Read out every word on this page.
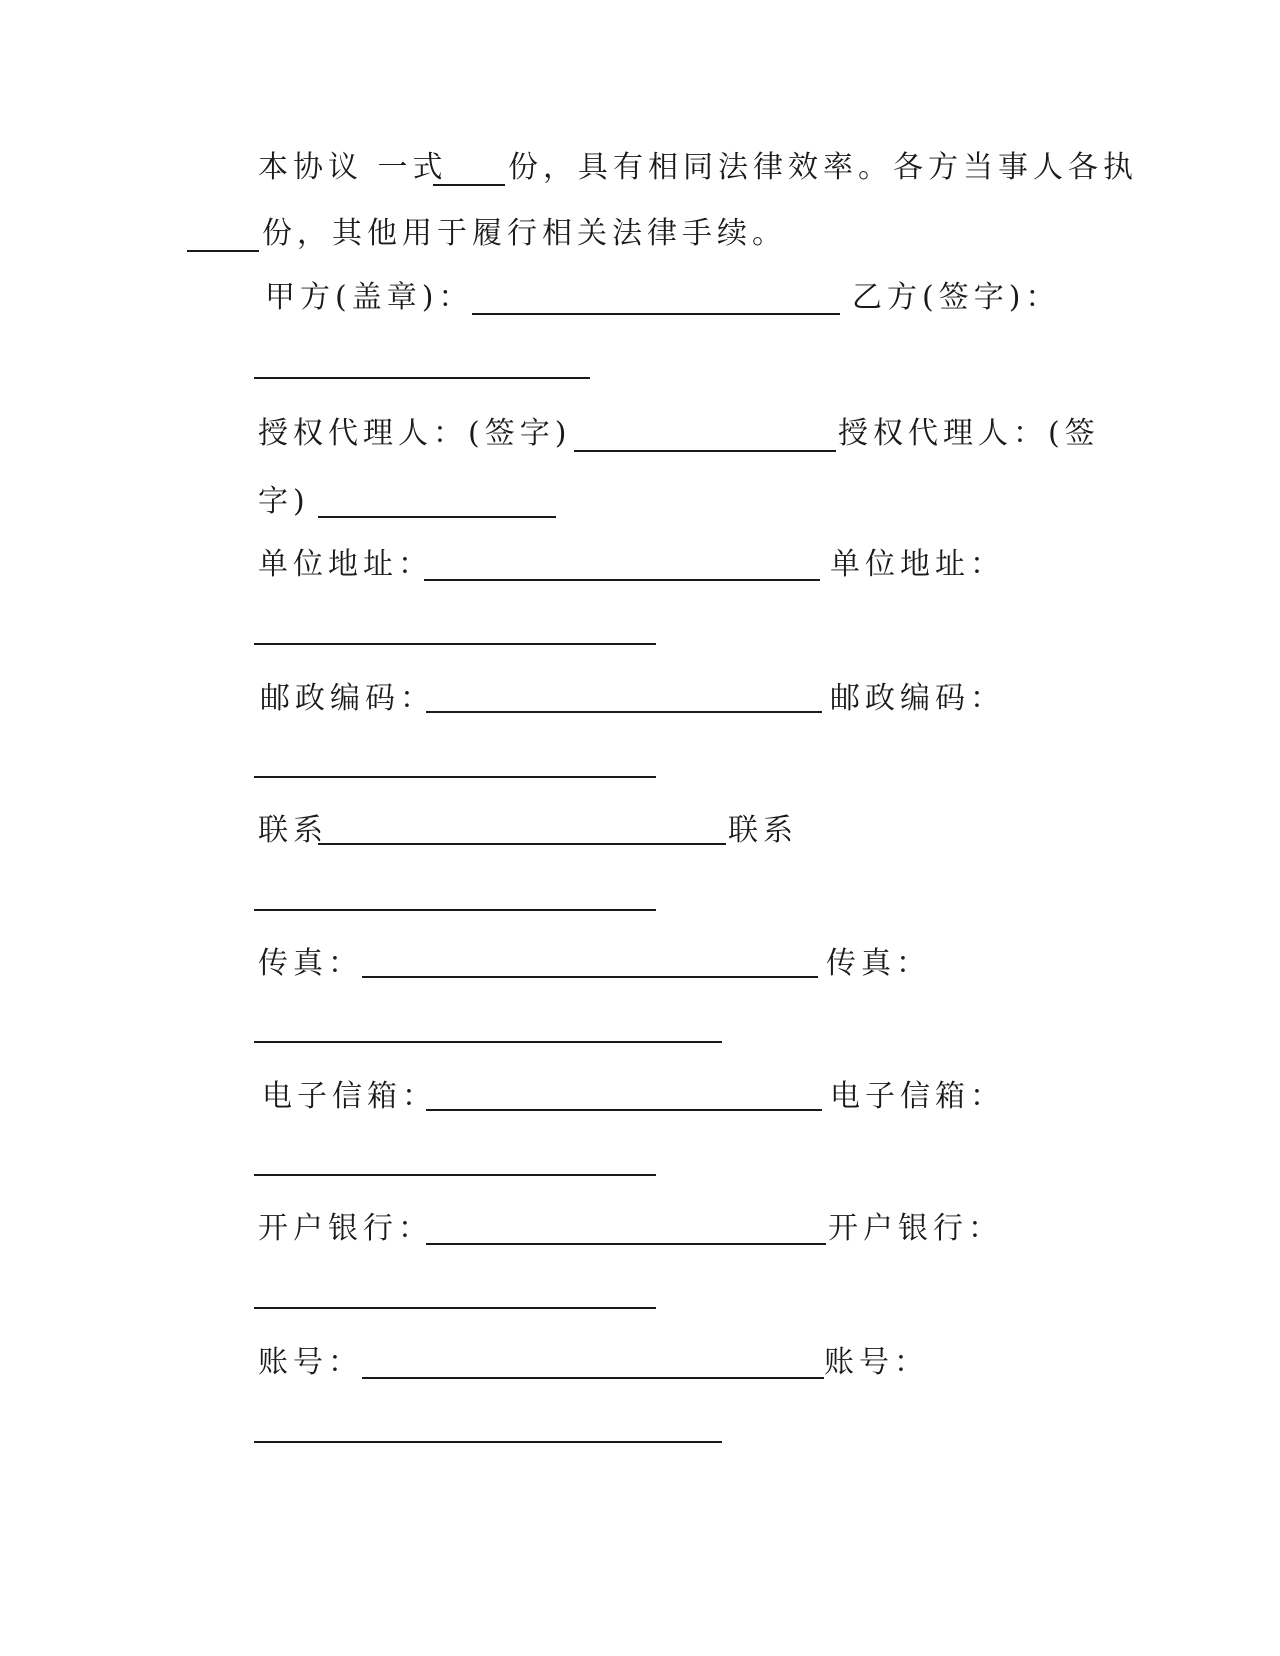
本协议 一式 份，具有相同法律效率。各方当事人各执
份，其他用于履行相关法律手续。
甲方(盖章)：	乙方(签字)：
授权代理人：(签字)	授权代理人：(签
字)
单位地址：	单位地址：
邮政编码：	邮政编码：
联系	联系
传真：	传真：
电子信箱：	电子信箱：
开户银行：	开户银行：
账号：	账号：
